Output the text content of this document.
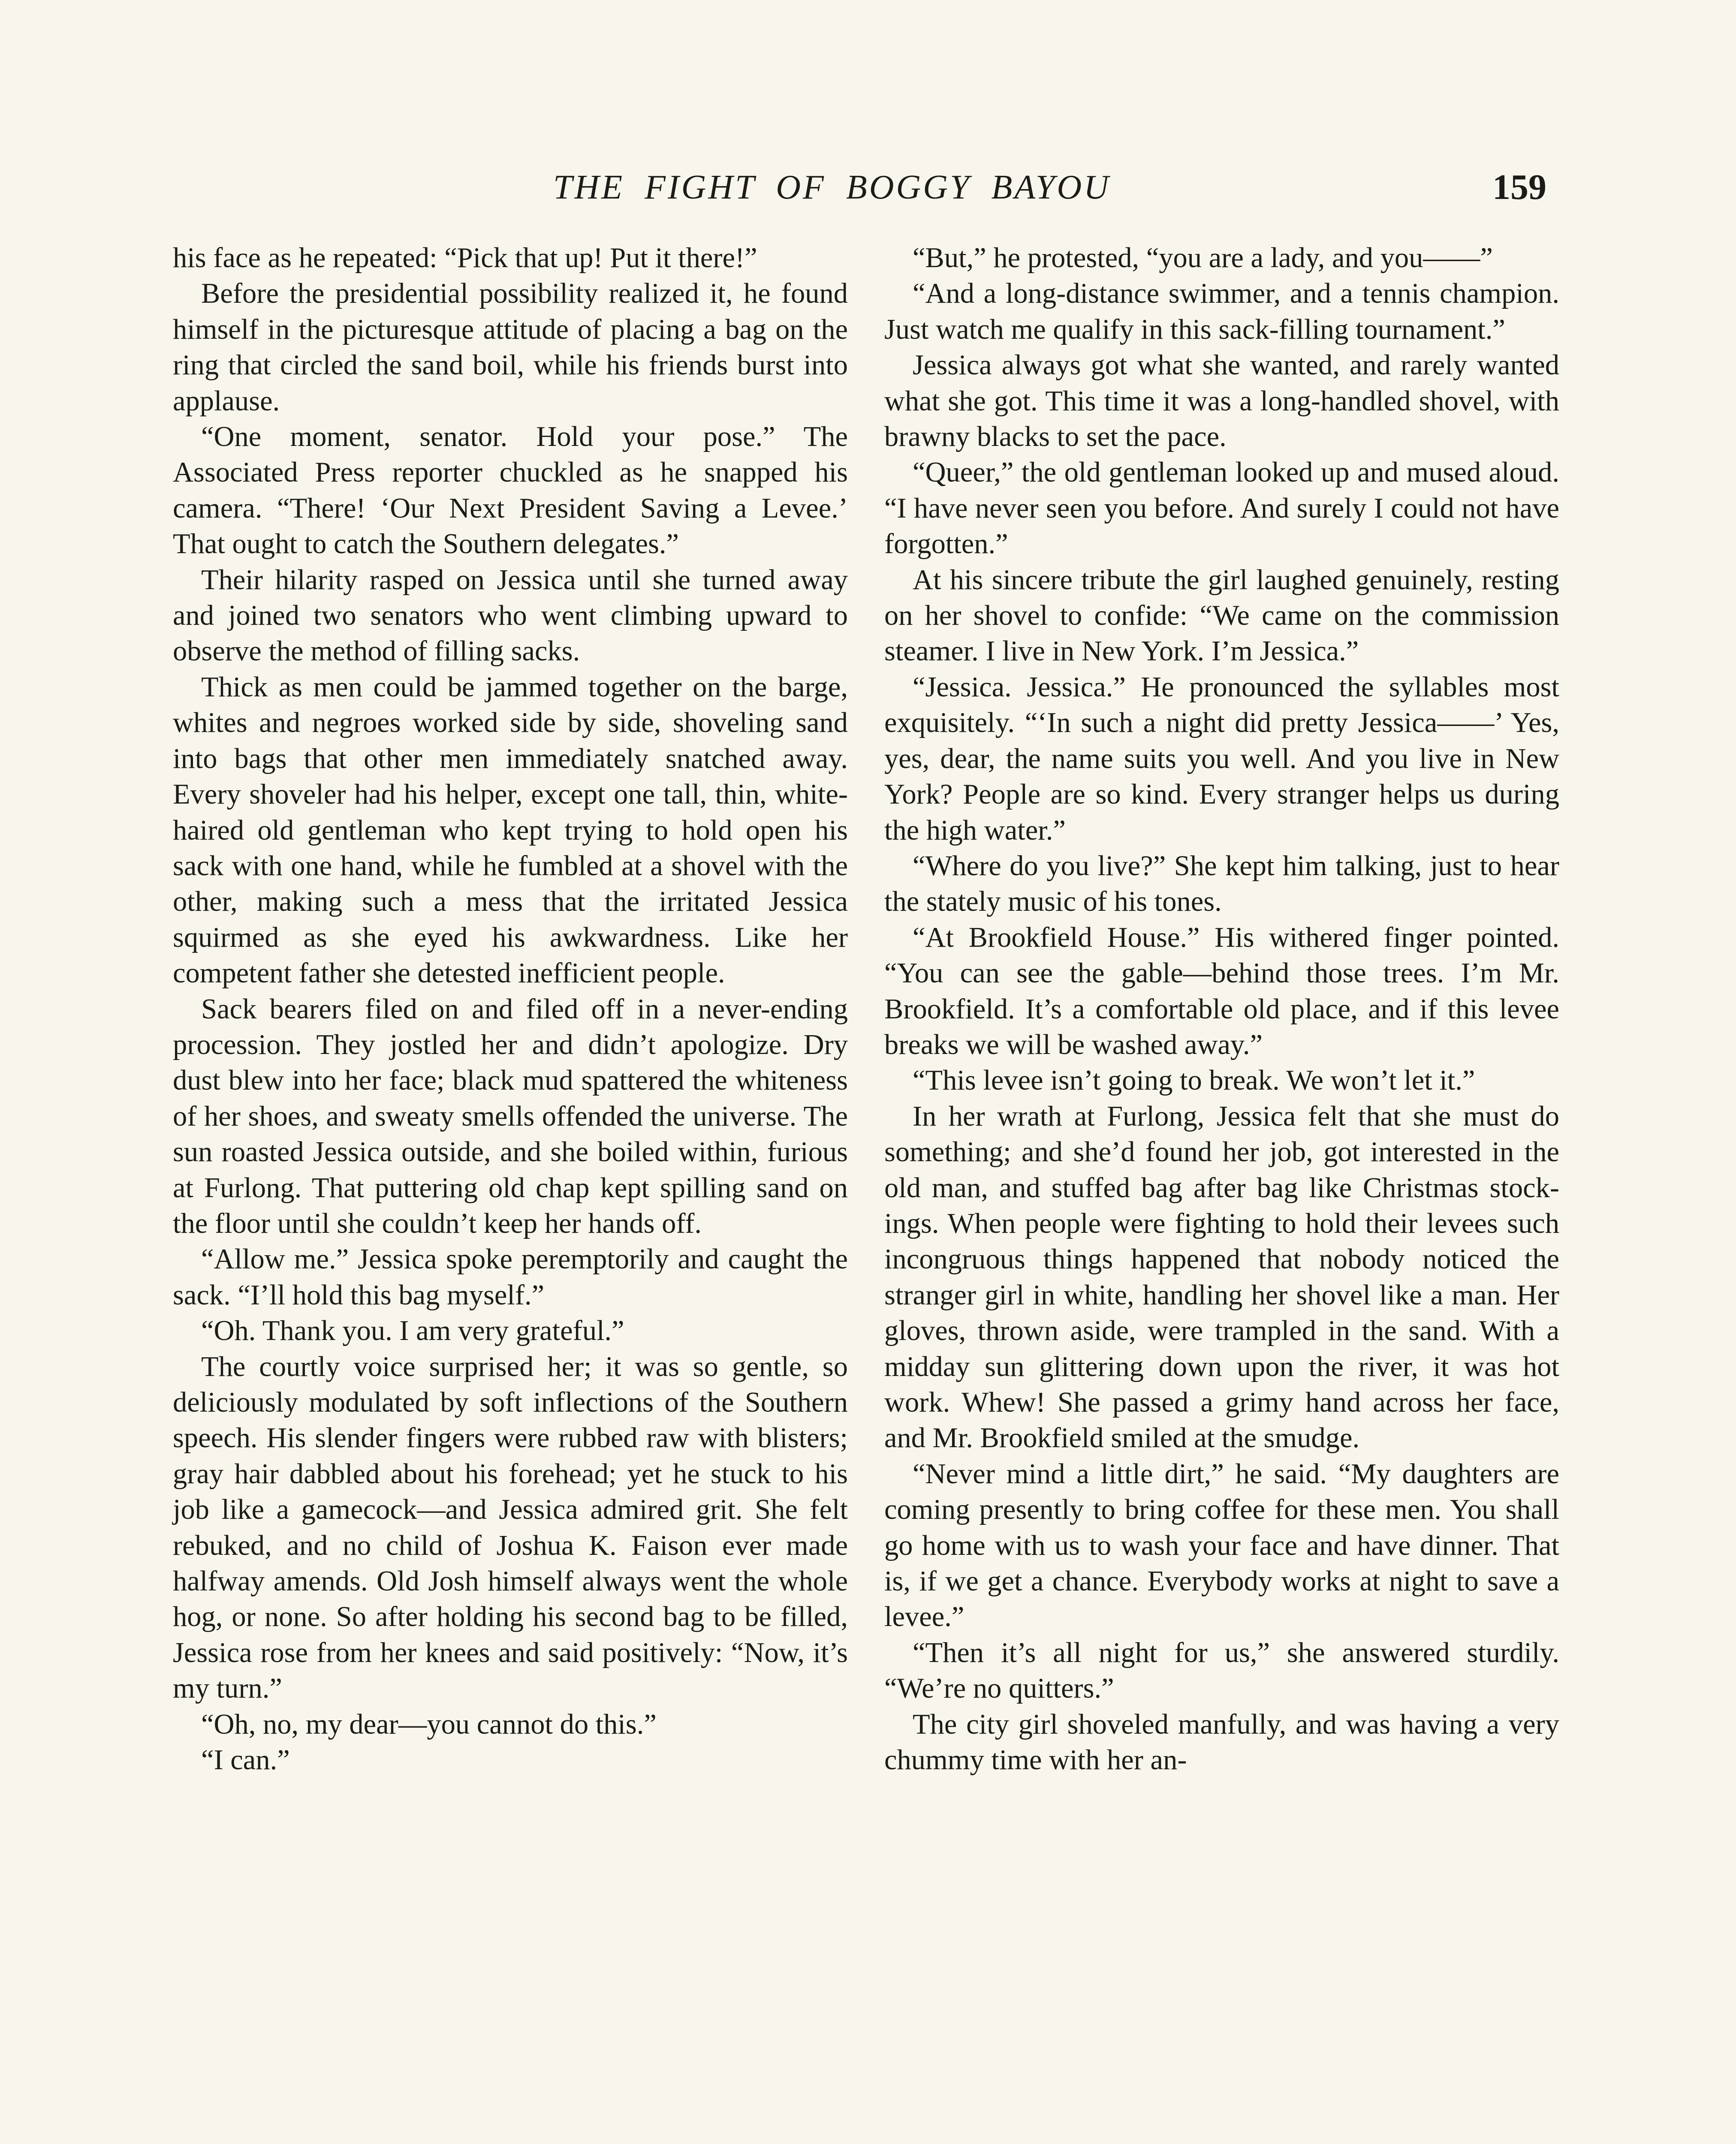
THE FIGHT OF BOGGY BAYOU	159

his face as he repeated: “Pick that up! Put it there!”

Before the presidential possibility realized it, he found himself in the picturesque attitude of placing a bag on the ring that circled the sand boil, while his friends burst into applause.

“One moment, senator. Hold your pose.” The Associated Press reporter chuckled as he snapped his camera. “There! ‘Our Next President Saving a Levee.’ That ought to catch the Southern delegates.”

Their hilarity rasped on Jessica until she turned away and joined two senators who went climbing upward to observe the method of filling sacks.

Thick as men could be jammed together on the barge, whites and negroes worked side by side, shoveling sand into bags that other men immediately snatched away. Every shoveler had his helper, except one tall, thin, white-haired old gentleman who kept trying to hold open his sack with one hand, while he fumbled at a shovel with the other, making such a mess that the irritated Jessica squirmed as she eyed his awkwardness. Like her competent father she detested inefficient people.

Sack bearers filed on and filed off in a never-ending procession. They jostled her and didn’t apologize. Dry dust blew into her face; black mud spattered the whiteness of her shoes, and sweaty smells offended the universe. The sun roasted Jessica outside, and she boiled within, furious at Furlong. That puttering old chap kept spilling sand on the floor until she couldn’t keep her hands off.

“Allow me.” Jessica spoke peremptorily and caught the sack. “I’ll hold this bag myself.”

“Oh. Thank you. I am very grateful.”

The courtly voice surprised her; it was so gentle, so deliciously modulated by soft inflections of the Southern speech. His slender fingers were rubbed raw with blisters; gray hair dabbled about his forehead; yet he stuck to his job like a gamecock—and Jessica admired grit. She felt rebuked, and no child of Joshua K. Faison ever made halfway amends. Old Josh himself always went the whole hog, or none. So after holding his second bag to be filled, Jessica rose from her knees and said positively: “Now, it’s my turn.”

“Oh, no, my dear—you cannot do this.”

“I can.”

“But,” he protested, “you are a lady, and you——”

“And a long-distance swimmer, and a tennis champion. Just watch me qualify in this sack-filling tournament.”

Jessica always got what she wanted, and rarely wanted what she got. This time it was a long-handled shovel, with brawny blacks to set the pace.

“Queer,” the old gentleman looked up and mused aloud. “I have never seen you before. And surely I could not have forgotten.”

At his sincere tribute the girl laughed genuinely, resting on her shovel to confide: “We came on the commission steamer. I live in New York. I’m Jessica.”

“Jessica. Jessica.” He pronounced the syllables most exquisitely. “‘In such a night did pretty Jessica——’ Yes, yes, dear, the name suits you well. And you live in New York? People are so kind. Every stranger helps us during the high water.”

“Where do you live?” She kept him talking, just to hear the stately music of his tones.

“At Brookfield House.” His withered finger pointed. “You can see the gable—behind those trees. I’m Mr. Brookfield. It’s a comfortable old place, and if this levee breaks we will be washed away.”

“This levee isn’t going to break. We won’t let it.”

In her wrath at Furlong, Jessica felt that she must do something; and she’d found her job, got interested in the old man, and stuffed bag after bag like Christmas stockings. When people were fighting to hold their levees such incongruous things happened that nobody noticed the stranger girl in white, handling her shovel like a man. Her gloves, thrown aside, were trampled in the sand. With a midday sun glittering down upon the river, it was hot work. Whew! She passed a grimy hand across her face, and Mr. Brookfield smiled at the smudge.

“Never mind a little dirt,” he said. “My daughters are coming presently to bring coffee for these men. You shall go home with us to wash your face and have dinner. That is, if we get a chance. Everybody works at night to save a levee.”

“Then it’s all night for us,” she answered sturdily. “We’re no quitters.”

The city girl shoveled manfully, and was having a very chummy time with her an-
